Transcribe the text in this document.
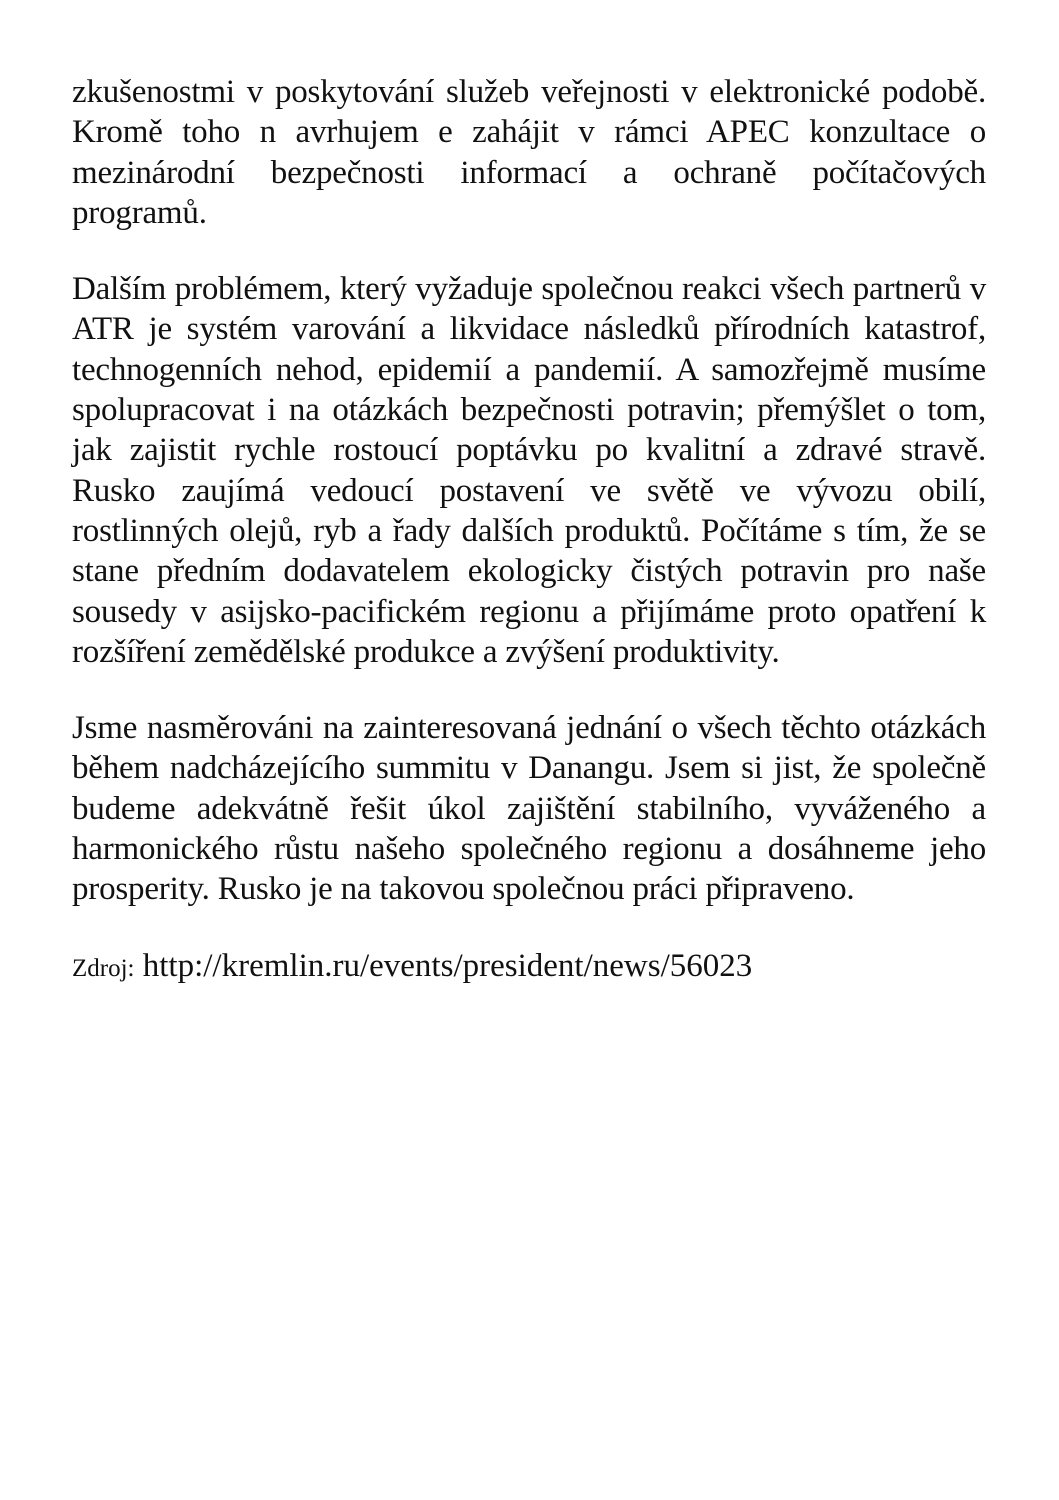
zkušenostmi v poskytování služeb veřejnosti v elektronické podobě. Kromě toho n avrhujem e zahájit v rámci APEC konzultace o mezinárodní bezpečnosti informací a ochraně počítačových programů.

Dalším problémem, který vyžaduje společnou reakci všech partnerů v ATR je systém varování a likvidace následků přírodních katastrof, technogenních nehod, epidemií a pandemií. A samozřejmě musíme spolupracovat i na otázkách bezpečnosti potravin; přemýšlet o tom, jak zajistit rychle rostoucí poptávku po kvalitní a zdravé stravě. Rusko zaujímá vedoucí postavení ve světě ve vývozu obilí, rostlinných olejů, ryb a řady dalších produktů. Počítáme s tím, že se stane předním dodavatelem ekologicky čistých potravin pro naše sousedy v asijsko-pacifickém regionu a přijímáme proto opatření k rozšíření zemědělské produkce a zvýšení produktivity.

Jsme nasměrováni na zainteresovaná jednání o všech těchto otázkách během nadcházejícího summitu v Danangu. Jsem si jist, že společně budeme adekvátně řešit úkol zajištění stabilního, vyváženého a harmonického růstu našeho společného regionu a dosáhneme jeho prosperity. Rusko je na takovou společnou práci připraveno.

Zdroj: http://kremlin.ru/events/president/news/56023
